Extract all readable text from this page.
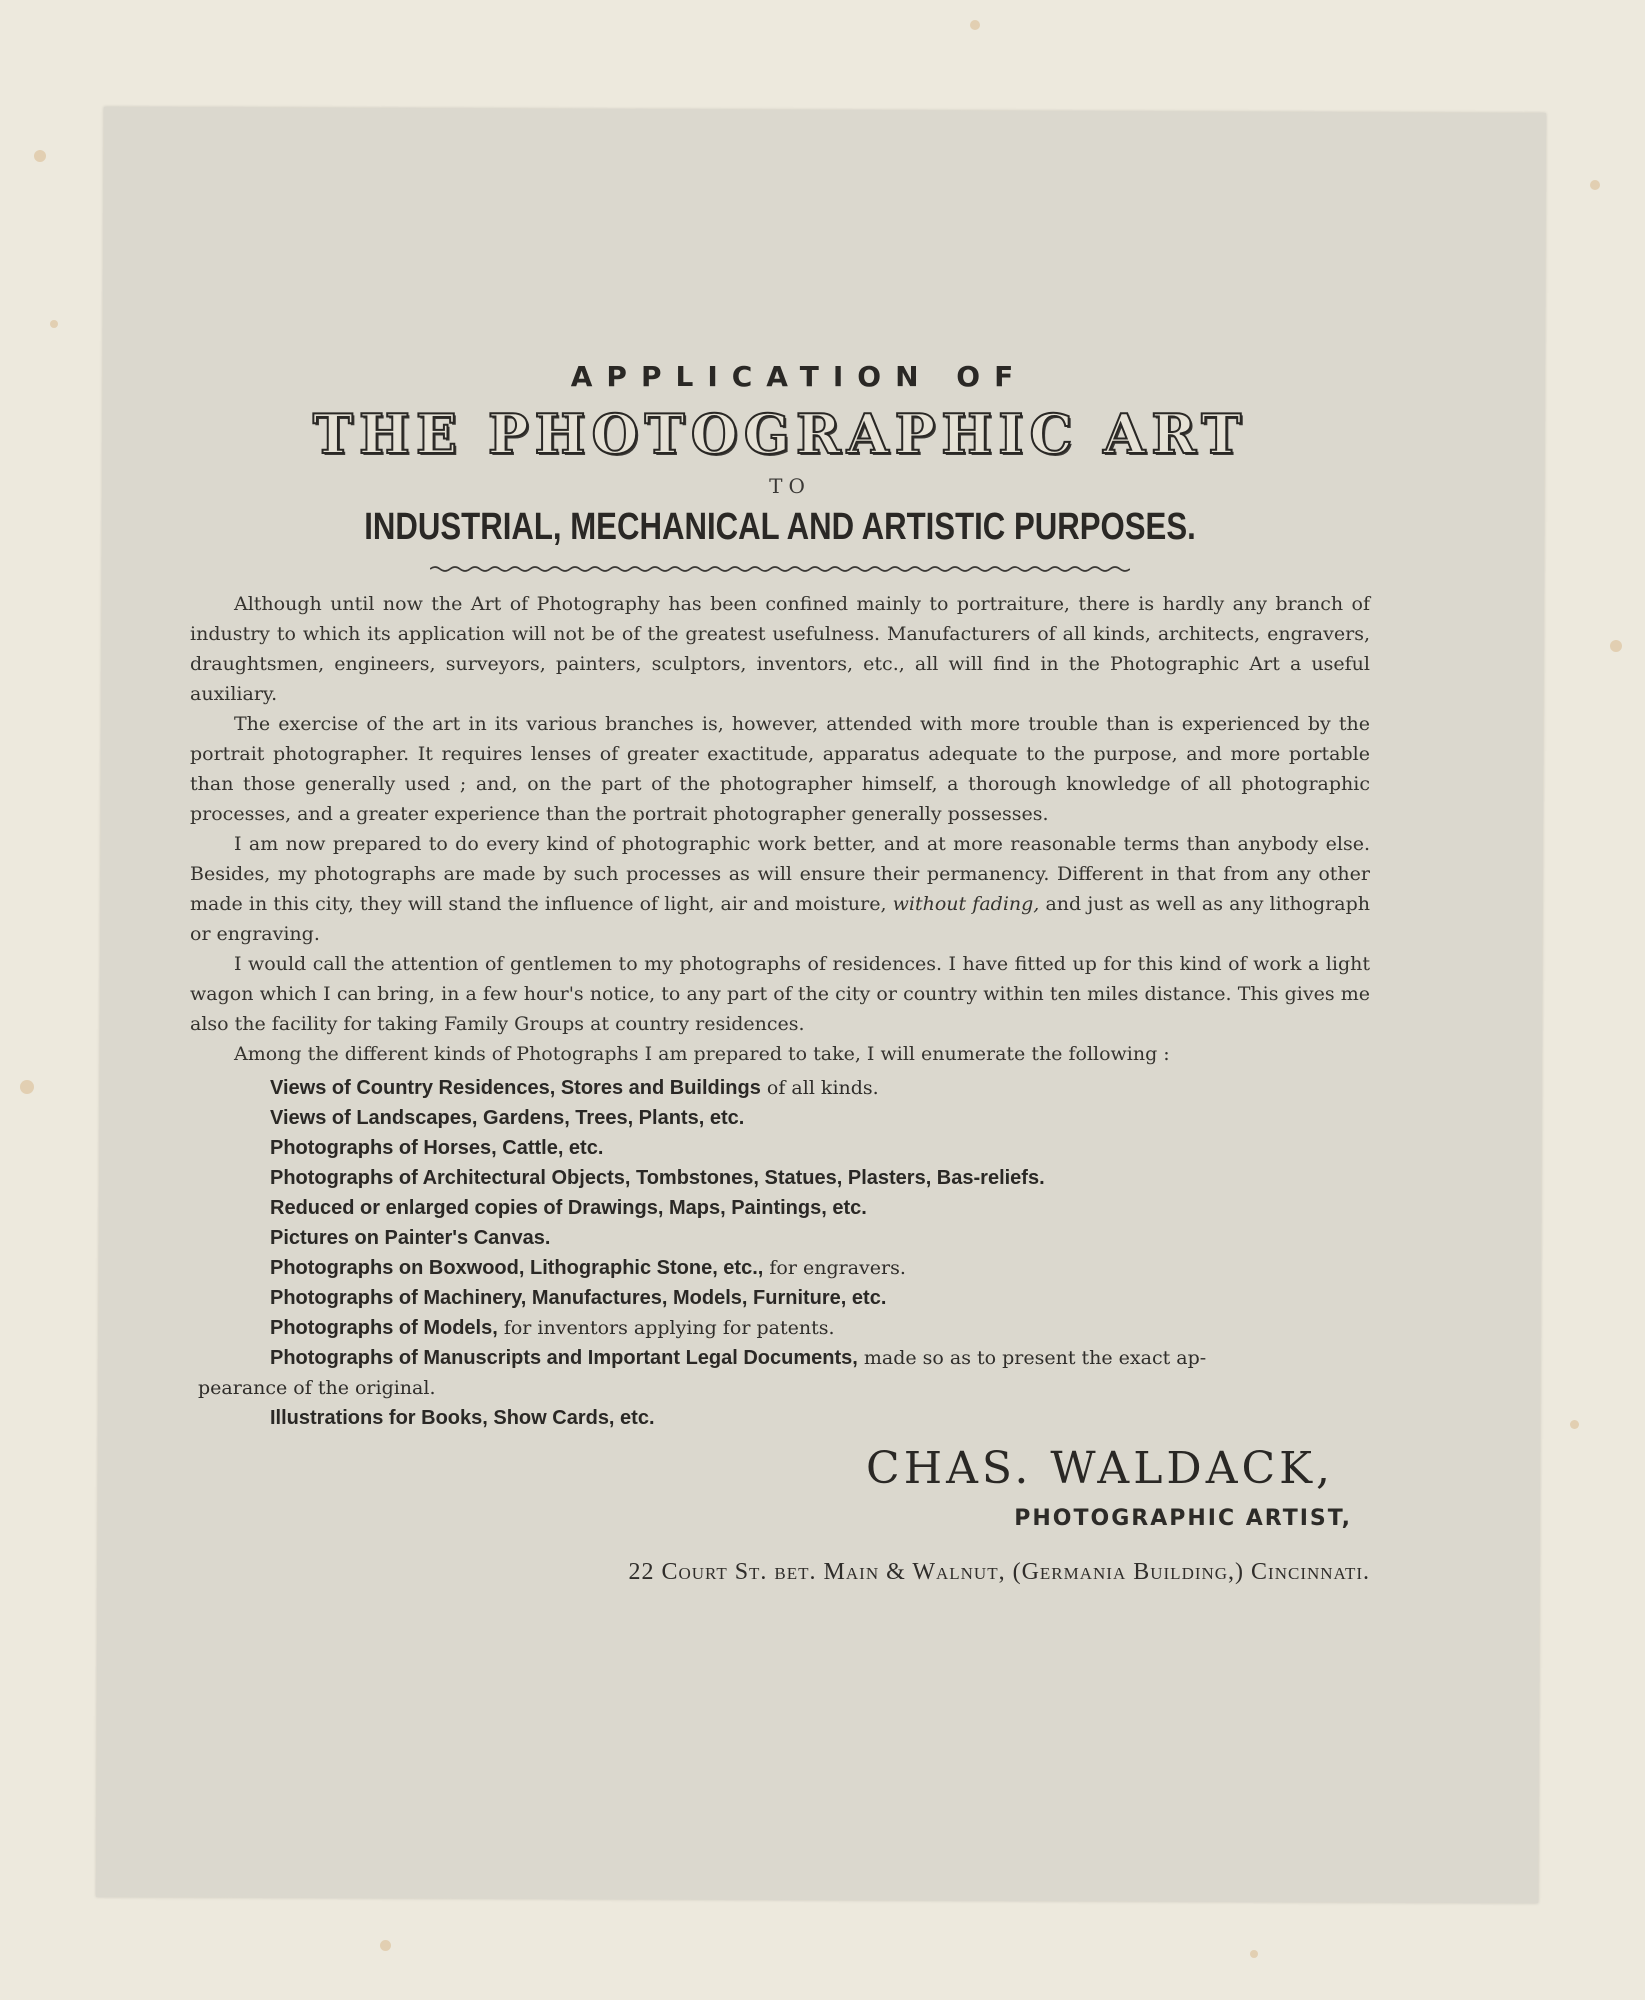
APPLICATION OF
THE PHOTOGRAPHIC ART
TO
INDUSTRIAL, MECHANICAL AND ARTISTIC PURPOSES.

Although until now the Art of Photography has been confined mainly to portraiture, there is hardly any branch of industry to which its application will not be of the greatest usefulness. Manufacturers of all kinds, architects, engravers, draughtsmen, engineers, surveyors, painters, sculptors, inventors, etc., all will find in the Photographic Art a useful auxiliary.

The exercise of the art in its various branches is, however, attended with more trouble than is experienced by the portrait photographer. It requires lenses of greater exactitude, apparatus adequate to the purpose, and more portable than those generally used ; and, on the part of the photographer himself, a thorough knowledge of all photographic processes, and a greater experience than the portrait photographer generally possesses.

I am now prepared to do every kind of photographic work better, and at more reasonable terms than anybody else. Besides, my photographs are made by such processes as will ensure their permanency. Different in that from any other made in this city, they will stand the influence of light, air and moisture, without fading, and just as well as any lithograph or engraving.

I would call the attention of gentlemen to my photographs of residences. I have fitted up for this kind of work a light wagon which I can bring, in a few hour's notice, to any part of the city or country within ten miles distance. This gives me also the facility for taking Family Groups at country residences.

Among the different kinds of Photographs I am prepared to take, I will enumerate the following :

Views of Country Residences, Stores and Buildings of all kinds.
Views of Landscapes, Gardens, Trees, Plants, etc.
Photographs of Horses, Cattle, etc.
Photographs of Architectural Objects, Tombstones, Statues, Plasters, Bas-reliefs.
Reduced or enlarged copies of Drawings, Maps, Paintings, etc.
Pictures on Painter's Canvas.
Photographs on Boxwood, Lithographic Stone, etc., for engravers.
Photographs of Machinery, Manufactures, Models, Furniture, etc.
Photographs of Models, for inventors applying for patents.
Photographs of Manuscripts and Important Legal Documents, made so as to present the exact ap-
pearance of the original.
Illustrations for Books, Show Cards, etc.
CHAS. WALDACK,
PHOTOGRAPHIC ARTIST,
22 Court St. bet. Main & Walnut, (Germania Building,) Cincinnati.
